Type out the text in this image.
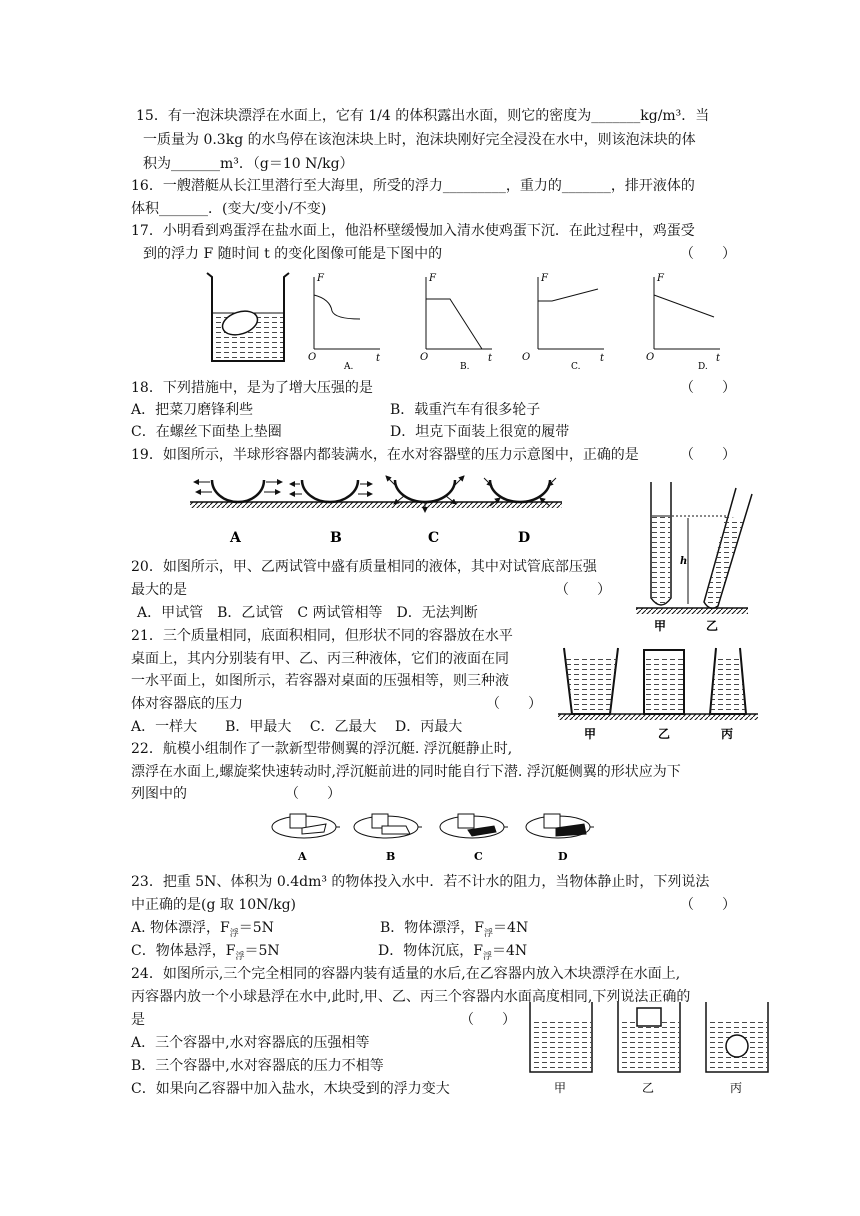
15．有一泡沫块漂浮在水面上，它有 1/4 的体积露出水面，则它的密度为_______kg/m³．当
一质量为 0.3kg 的水鸟停在该泡沫块上时，泡沫块刚好完全浸没在水中，则该泡沫块的体
积为_______m³．（g＝10 N/kg）
16．一艘潜艇从长江里潜行至大海里，所受的浮力_________，重力的_______，排开液体的
体积_______．(变大/变小/不变)
17．小明看到鸡蛋浮在盐水面上，他沿杯壁缓慢加入清水使鸡蛋下沉．在此过程中，鸡蛋受
到的浮力 F 随时间 t 的变化图像可能是下图中的	（　　）
F
t
O
A.
F
t
O
B.
F
t
O
C.
F
t
O
D.
18．下列措施中，是为了增大压强的是	（　　）
A．把菜刀磨锋利些	B．载重汽车有很多轮子
C．在螺丝下面垫上垫圈	D．坦克下面装上很宽的履带
19．如图所示，半球形容器内都装满水，在水对容器壁的压力示意图中，正确的是	（　　）
A	B	C	D
20．如图所示，甲、乙两试管中盛有质量相同的液体，其中对试管底部压强
最大的是	（　　）
A．甲试管　B．乙试管　C 两试管相等　D．无法判断
h
甲	乙
21．三个质量相同，底面积相同，但形状不同的容器放在水平
桌面上，其内分别装有甲、乙、丙三种液体，它们的液面在同
一水平面上，如图所示，若容器对桌面的压强相等，则三种液
体对容器底的压力	（　　）
A．一样大　　B．甲最大　 C．乙最大　 D．丙最大	甲	乙	丙
22．航模小组制作了一款新型带侧翼的浮沉艇. 浮沉艇静止时,
漂浮在水面上,螺旋桨快速转动时,浮沉艇前进的同时能自行下潜. 浮沉艇侧翼的形状应为下
列图中的	（　　）
A	B	C	D
23．把重 5N、体积为 0.4dm³ 的物体投入水中．若不计水的阻力，当物体静止时，下列说法
中正确的是(g 取 10N/kg)	（　　）
A. 物体漂浮，$F_浮=5N$	B．物体漂浮，$F_浮=4N$
C．物体悬浮，$F_浮=5N$	D．物体沉底，$F_浮=4N$
24．如图所示,三个完全相同的容器内装有适量的水后,在乙容器内放入木块漂浮在水面上,
丙容器内放一个小球悬浮在水中,此时,甲、乙、丙三个容器内水面高度相同,下列说法正确的
是	（　　）
A．三个容器中,水对容器底的压强相等
B．三个容器中,水对容器底的压力不相等
C．如果向乙容器中加入盐水，木块受到的浮力变大	甲	乙	丙
